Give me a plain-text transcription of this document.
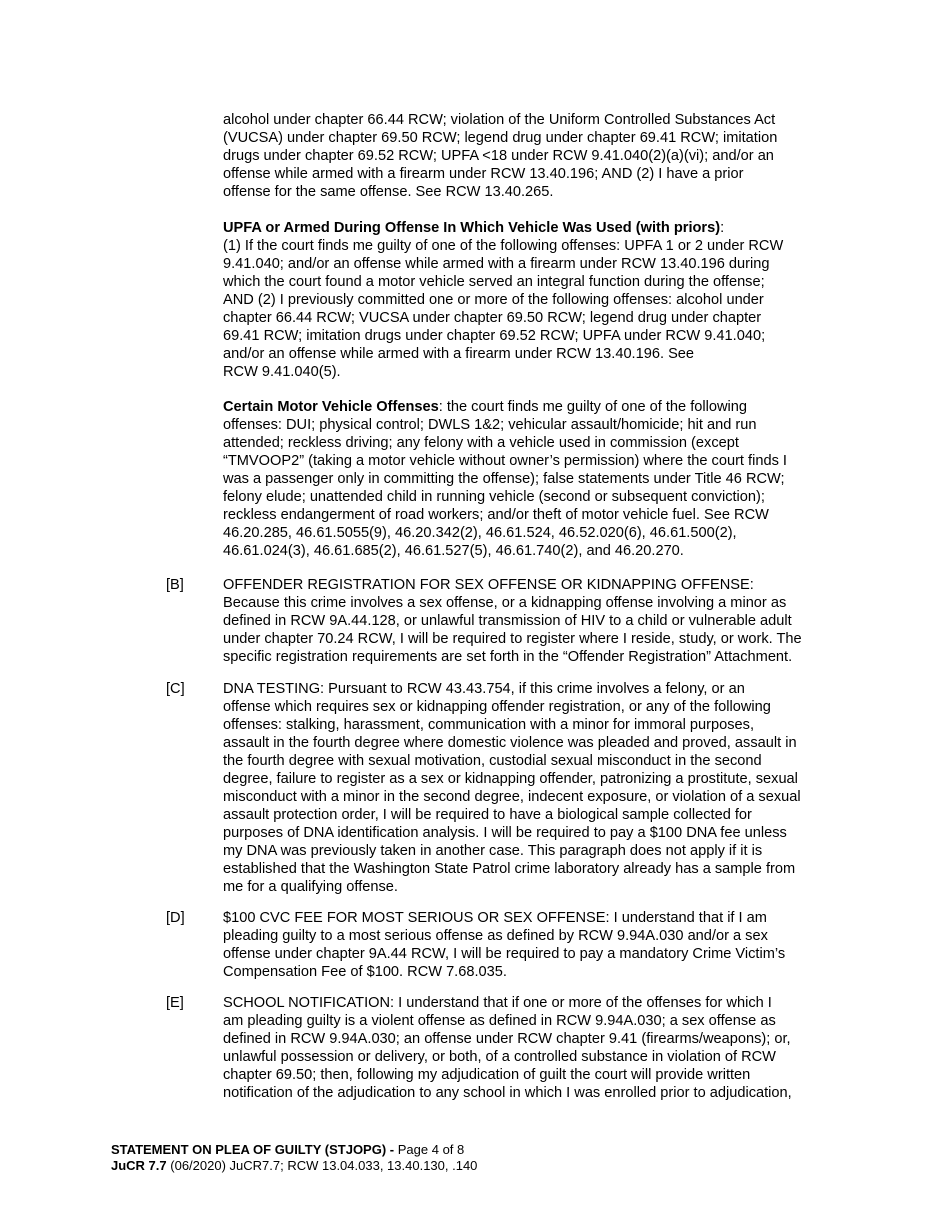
alcohol under chapter 66.44 RCW; violation of the Uniform Controlled Substances Act
(VUCSA) under chapter 69.50 RCW; legend drug under chapter 69.41 RCW; imitation
drugs under chapter 69.52 RCW; UPFA <18 under RCW 9.41.040(2)(a)(vi); and/or an
offense while armed with a firearm under RCW 13.40.196; AND (2) I have a prior
offense for the same offense. See RCW 13.40.265.
UPFA or Armed During Offense In Which Vehicle Was Used (with priors):
(1) If the court finds me guilty of one of the following offenses: UPFA 1 or 2 under RCW
9.41.040; and/or an offense while armed with a firearm under RCW 13.40.196 during
which the court found a motor vehicle served an integral function during the offense;
AND (2) I previously committed one or more of the following offenses: alcohol under
chapter 66.44 RCW; VUCSA under chapter 69.50 RCW; legend drug under chapter
69.41 RCW; imitation drugs under chapter 69.52 RCW; UPFA under RCW 9.41.040;
and/or an offense while armed with a firearm under RCW 13.40.196. See
RCW 9.41.040(5).
Certain Motor Vehicle Offenses: the court finds me guilty of one of the following
offenses: DUI; physical control; DWLS 1&2; vehicular assault/homicide; hit and run
attended; reckless driving; any felony with a vehicle used in commission (except
“TMVOOP2” (taking a motor vehicle without owner’s permission) where the court finds I
was a passenger only in committing the offense); false statements under Title 46 RCW;
felony elude; unattended child in running vehicle (second or subsequent conviction);
reckless endangerment of road workers; and/or theft of motor vehicle fuel. See RCW
46.20.285, 46.61.5055(9), 46.20.342(2), 46.61.524, 46.52.020(6), 46.61.500(2),
46.61.024(3), 46.61.685(2), 46.61.527(5), 46.61.740(2), and 46.20.270.
[B]	OFFENDER REGISTRATION FOR SEX OFFENSE OR KIDNAPPING OFFENSE:
Because this crime involves a sex offense, or a kidnapping offense involving a minor as
defined in RCW 9A.44.128, or unlawful transmission of HIV to a child or vulnerable adult
under chapter 70.24 RCW, I will be required to register where I reside, study, or work. The
specific registration requirements are set forth in the “Offender Registration” Attachment.
[C]	DNA TESTING: Pursuant to RCW 43.43.754, if this crime involves a felony, or an
offense which requires sex or kidnapping offender registration, or any of the following
offenses: stalking, harassment, communication with a minor for immoral purposes,
assault in the fourth degree where domestic violence was pleaded and proved, assault in
the fourth degree with sexual motivation, custodial sexual misconduct in the second
degree, failure to register as a sex or kidnapping offender, patronizing a prostitute, sexual
misconduct with a minor in the second degree, indecent exposure, or violation of a sexual
assault protection order, I will be required to have a biological sample collected for
purposes of DNA identification analysis. I will be required to pay a $100 DNA fee unless
my DNA was previously taken in another case. This paragraph does not apply if it is
established that the Washington State Patrol crime laboratory already has a sample from
me for a qualifying offense.
[D]	$100 CVC FEE FOR MOST SERIOUS OR SEX OFFENSE: I understand that if I am
pleading guilty to a most serious offense as defined by RCW 9.94A.030 and/or a sex
offense under chapter 9A.44 RCW, I will be required to pay a mandatory Crime Victim’s
Compensation Fee of $100. RCW 7.68.035.
[E]	SCHOOL NOTIFICATION: I understand that if one or more of the offenses for which I
am pleading guilty is a violent offense as defined in RCW 9.94A.030; a sex offense as
defined in RCW 9.94A.030; an offense under RCW chapter 9.41 (firearms/weapons); or,
unlawful possession or delivery, or both, of a controlled substance in violation of RCW
chapter 69.50; then, following my adjudication of guilt the court will provide written
notification of the adjudication to any school in which I was enrolled prior to adjudication,
STATEMENT ON PLEA OF GUILTY (STJOPG) - Page 4 of 8
JuCR 7.7 (06/2020) JuCR7.7; RCW 13.04.033, 13.40.130, .140
